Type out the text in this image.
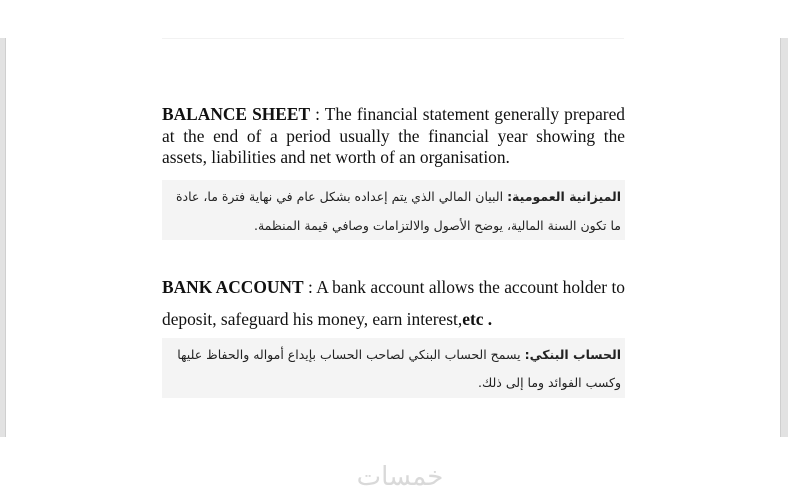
BALANCE SHEET : The financial statement generally prepared at the end of a period usually the financial year showing the assets, liabilities and net worth of an organisation.

الميزانية العمومية: البيان المالي الذي يتم إعداده بشكل عام في نهاية فترة ما، عادة ما تكون السنة المالية، يوضح الأصول والالتزامات وصافي قيمة المنظمة.

BANK ACCOUNT : A bank account allows the account holder to deposit, safeguard his money, earn interest,etc .

الحساب البنكي: يسمح الحساب البنكي لصاحب الحساب بإيداع أمواله والحفاظ عليها وكسب الفوائد وما إلى ذلك.
خمسات
